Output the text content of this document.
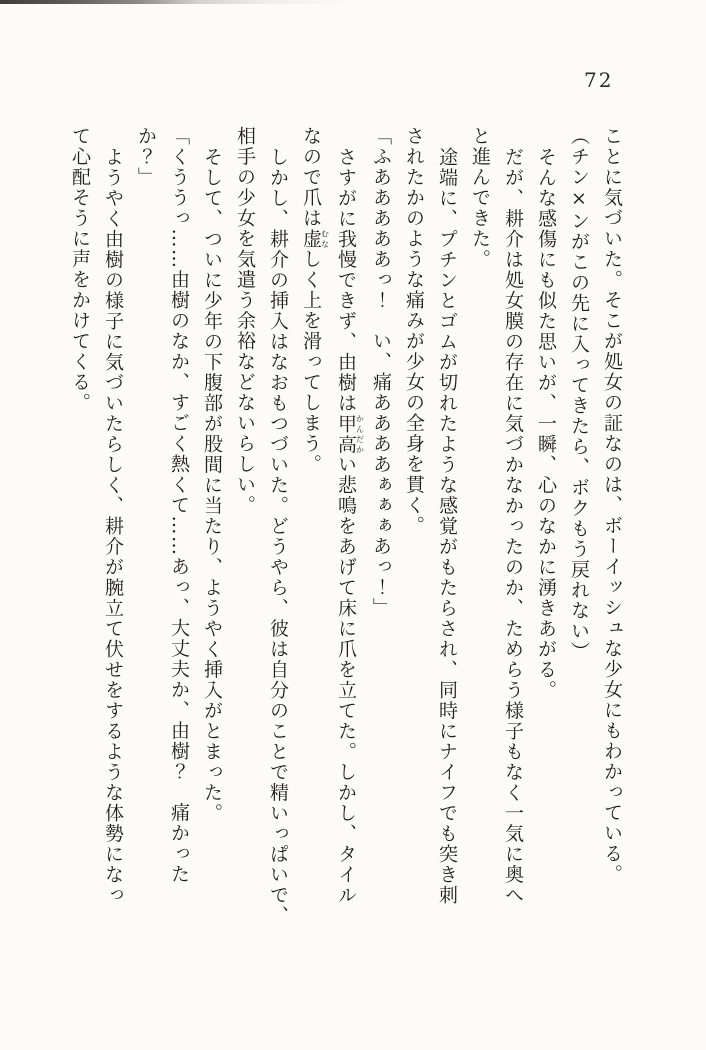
72
ことに気づいた。そこが処女の証なのは、ボーイッシュな少女にもわかっている。
（チン×ンがこの先に入ってきたら、ボクもう戻れない）
そんな感傷にも似た思いが、一瞬、心のなかに湧きあがる。
だが、耕介は処女膜の存在に気づかなかったのか、ためらう様子もなく一気に奥へ
と進んできた。
途端に、プチンとゴムが切れたような感覚がもたらされ、同時にナイフでも突き刺
されたかのような痛みが少女の全身を貫く。
「ふあああああっ！　い、痛ああああぁぁぁあっ！」
さすがに我慢できず、由樹は甲高かんだかい悲鳴をあげて床に爪を立てた。しかし、タイル
なので爪は虚むなしく上を滑ってしまう。
しかし、耕介の挿入はなおもつづいた。どうやら、彼は自分のことで精いっぱいで、
相手の少女を気遣う余裕などないらしい。
そして、ついに少年の下腹部が股間に当たり、ようやく挿入がとまった。
「くううっ……由樹のなか、すごく熱くて……あっ、大丈夫か、由樹？　痛かった
か？」
ようやく由樹の様子に気づいたらしく、耕介が腕立て伏せをするような体勢になっ
て心配そうに声をかけてくる。
